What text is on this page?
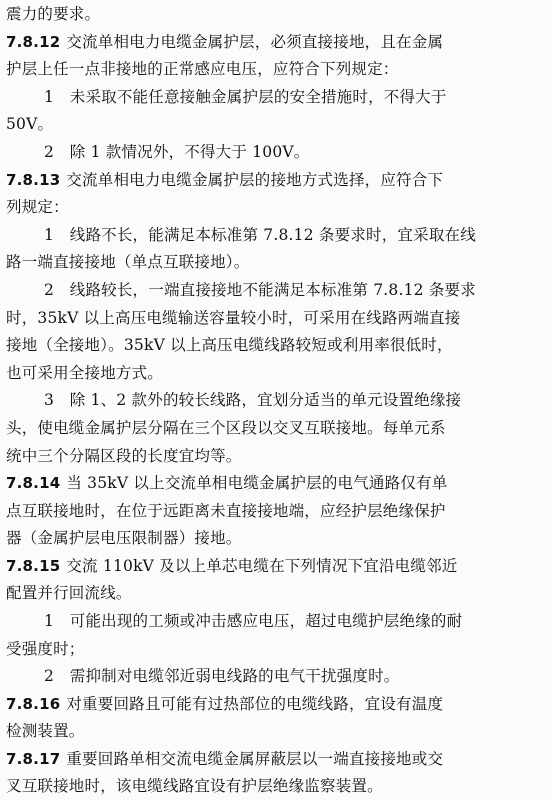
震力的要求。
7.8.12 交流单相电力电缆金属护层，必须直接接地，且在金属
护层上任一点非接地的正常感应电压，应符合下列规定：
1　未采取不能任意接触金属护层的安全措施时，不得大于
50V。
2　除 1 款情况外，不得大于 100V。
7.8.13 交流单相电力电缆金属护层的接地方式选择，应符合下
列规定：
1　线路不长，能满足本标准第 7.8.12 条要求时，宜采取在线
路一端直接接地（单点互联接地）。
2　线路较长，一端直接接地不能满足本标准第 7.8.12 条要求
时，35kV 以上高压电缆输送容量较小时，可采用在线路两端直接
接地（全接地）。35kV 以上高压电缆线路较短或利用率很低时，
也可采用全接地方式。
3　除 1、2 款外的较长线路，宜划分适当的单元设置绝缘接
头，使电缆金属护层分隔在三个区段以交叉互联接地。每单元系
统中三个分隔区段的长度宜均等。
7.8.14 当 35kV 以上交流单相电缆金属护层的电气通路仅有单
点互联接地时，在位于远距离未直接接地端，应经护层绝缘保护
器（金属护层电压限制器）接地。
7.8.15 交流 110kV 及以上单芯电缆在下列情况下宜沿电缆邻近
配置并行回流线。
1　可能出现的工频或冲击感应电压，超过电缆护层绝缘的耐
受强度时；
2　需抑制对电缆邻近弱电线路的电气干扰强度时。
7.8.16 对重要回路且可能有过热部位的电缆线路，宜设有温度
检测装置。
7.8.17 重要回路单相交流电缆金属屏蔽层以一端直接接地或交
叉互联接地时，该电缆线路宜设有护层绝缘监察装置。
